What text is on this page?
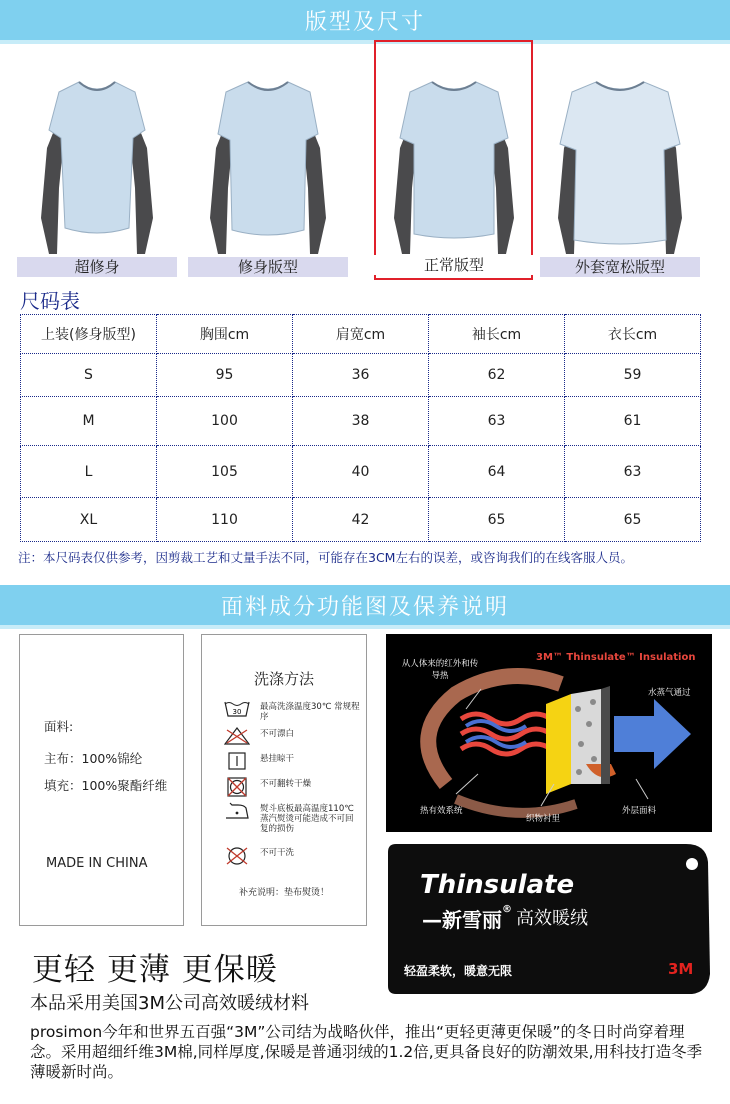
版型及尺寸
超修身	修身版型	正常版型	外套宽松版型
尺码表
上装(修身版型)	胸围cm	肩宽cm	袖长cm	衣长cm
S	95	36	62	59
M	100	38	63	61
L	105	40	64	63
XL	110	42	65	65
注：本尺码表仅供参考，因剪裁工艺和丈量手法不同，可能存在3CM左右的误差，或咨询我们的在线客服人员。
面料成分功能图及保养说明
面料:
主布：100%锦纶
填充：100%聚酯纤维
MADE IN CHINA
洗涤方法
30 最高洗涤温度30℃ 常规程序
不可漂白
悬挂晾干
不可翻转干燥
熨斗底板最高温度110℃蒸汽熨烫可能造成不可回复的损伤
不可干洗
补充说明：垫布熨烫！
从人体来的红外和传导热
3M™ Thinsulate™ Insulation
水蒸气通过
热有效系统
织物衬里
外层面料
Thinsulate
—新雪丽 ® 高效暖绒
轻盈柔软，暖意无限	3M
更轻 更薄 更保暖
本品采用美国3M公司高效暖绒材料
prosimon今年和世界五百强“3M”公司结为战略伙伴，推出“更轻更薄更保暖”的冬日时尚穿着理念。采用超细纤维3M棉,同样厚度,保暖是普通羽绒的1.2倍,更具备良好的防潮效果,用科技打造冬季薄暖新时尚。
